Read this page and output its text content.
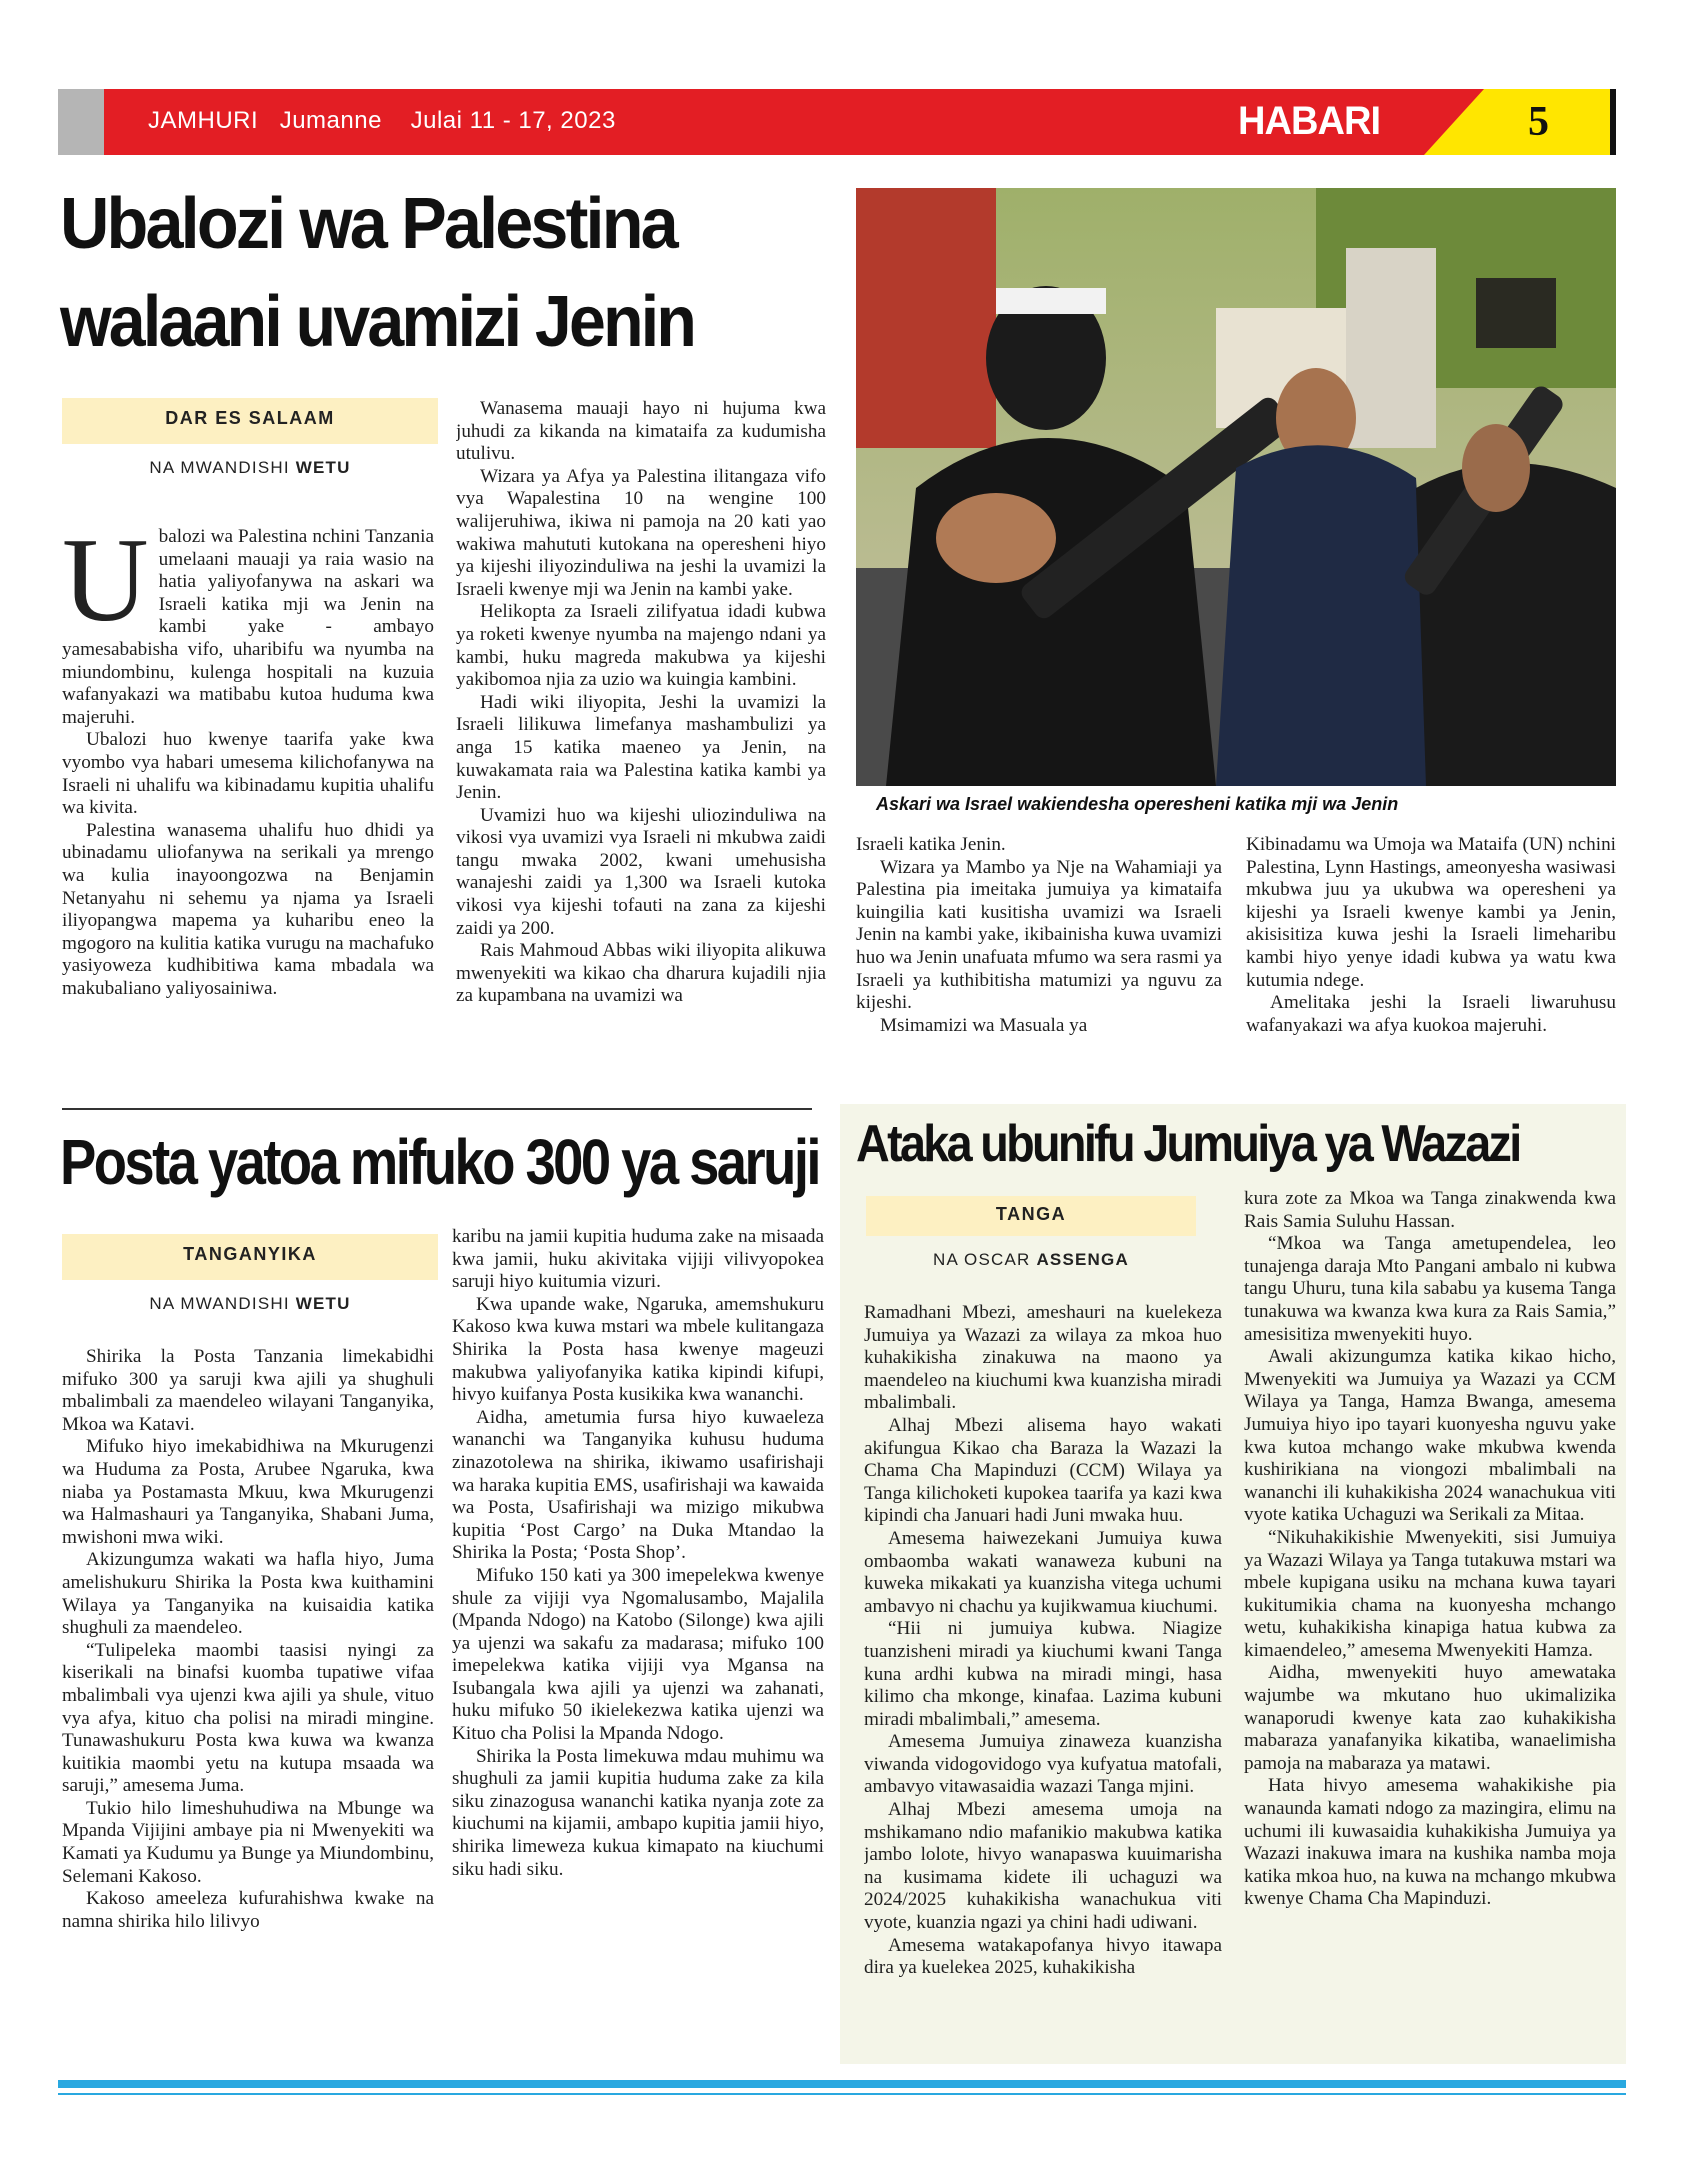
JAMHURI Jumanne Julai 11 - 17, 2023	HABARI	5
Ubalozi wa Palestina
walaani uvamizi Jenin
DAR ES SALAAM
NA MWANDISHI WETU
U balozi wa Palestina nchini Tanzania umelaani mauaji ya raia wasio na hatia yaliyofanywa na askari wa Israeli katika mji wa Jenin na kambi yake - ambayo yamesababisha vifo, uharibifu wa nyumba na miundombinu, kulenga hospitali na kuzuia wafanyakazi wa matibabu kutoa huduma kwa majeruhi.

Ubalozi huo kwenye taarifa yake kwa vyombo vya habari umesema kilichofanywa na Israeli ni uhalifu wa kibinadamu kupitia uhalifu wa kivita.

Palestina wanasema uhalifu huo dhidi ya ubinadamu uliofanywa na serikali ya mrengo wa kulia inayoongozwa na Benjamin Netanyahu ni sehemu ya njama ya Israeli iliyopangwa mapema ya kuharibu eneo la mgogoro na kulitia katika vurugu na machafuko yasiyoweza kudhibitiwa kama mbadala wa makubaliano yaliyosainiwa.

Wanasema mauaji hayo ni hujuma kwa juhudi za kikanda na kimataifa za kudumisha utulivu.

Wizara ya Afya ya Palestina ilitangaza vifo vya Wapalestina 10 na wengine 100 walijeruhiwa, ikiwa ni pamoja na 20 kati yao wakiwa mahututi kutokana na operesheni hiyo ya kijeshi iliyozinduliwa na jeshi la uvamizi la Israeli kwenye mji wa Jenin na kambi yake.

Helikopta za Israeli zilifyatua idadi kubwa ya roketi kwenye nyumba na majengo ndani ya kambi, huku magreda makubwa ya kijeshi yakibomoa njia za uzio wa kuingia kambini.

Hadi wiki iliyopita, Jeshi la uvamizi la Israeli lilikuwa limefanya mashambulizi ya anga 15 katika maeneo ya Jenin, na kuwakamata raia wa Palestina katika kambi ya Jenin.

Uvamizi huo wa kijeshi uliozinduliwa na vikosi vya uvamizi vya Israeli ni mkubwa zaidi tangu mwaka 2002, kwani umehusisha wanajeshi zaidi ya 1,300 wa Israeli kutoka vikosi vya kijeshi tofauti na zana za kijeshi zaidi ya 200.

Rais Mahmoud Abbas wiki iliyopita alikuwa mwenyekiti wa kikao cha dharura kujadili njia za kupambana na uvamizi wa

Askari wa Israel wakiendesha operesheni katika mji wa Jenin

Israeli katika Jenin.

Wizara ya Mambo ya Nje na Wahamiaji ya Palestina pia imeitaka jumuiya ya kimataifa kuingilia kati kusitisha uvamizi wa Israeli Jenin na kambi yake, ikibainisha kuwa uvamizi huo wa Jenin unafuata mfumo wa sera rasmi ya Israeli ya kuthibitisha matumizi ya nguvu za kijeshi.

Msimamizi wa Masuala ya

Kibinadamu wa Umoja wa Mataifa (UN) nchini Palestina, Lynn Hastings, ameonyesha wasiwasi mkubwa juu ya ukubwa wa operesheni ya kijeshi ya Israeli kwenye kambi ya Jenin, akisisitiza kuwa jeshi la Israeli limeharibu kambi hiyo yenye idadi kubwa ya watu kwa kutumia ndege.

Amelitaka jeshi la Israeli liwaruhusu wafanyakazi wa afya kuokoa majeruhi.

Posta yatoa mifuko 300 ya saruji
TANGANYIKA
NA MWANDISHI WETU

Shirika la Posta Tanzania limekabidhi mifuko 300 ya saruji kwa ajili ya shughuli mbalimbali za maendeleo wilayani Tanganyika, Mkoa wa Katavi.

Mifuko hiyo imekabidhiwa na Mkurugenzi wa Huduma za Posta, Arubee Ngaruka, kwa niaba ya Postamasta Mkuu, kwa Mkurugenzi wa Halmashauri ya Tanganyika, Shabani Juma, mwishoni mwa wiki.

Akizungumza wakati wa hafla hiyo, Juma amelishukuru Shirika la Posta kwa kuithamini Wilaya ya Tanganyika na kuisaidia katika shughuli za maendeleo.

“Tulipeleka maombi taasisi nyingi za kiserikali na binafsi kuomba tupatiwe vifaa mbalimbali vya ujenzi kwa ajili ya shule, vituo vya afya, kituo cha polisi na miradi mingine. Tunawashukuru Posta kwa kuwa wa kwanza kuitikia maombi yetu na kutupa msaada wa saruji,” amesema Juma.

Tukio hilo limeshuhudiwa na Mbunge wa Mpanda Vijijini ambaye pia ni Mwenyekiti wa Kamati ya Kudumu ya Bunge ya Miundombinu, Selemani Kakoso.

Kakoso ameeleza kufurahishwa kwake na namna shirika hilo lilivyo

karibu na jamii kupitia huduma zake na misaada kwa jamii, huku akivitaka vijiji vilivyopokea saruji hiyo kuitumia vizuri.

Kwa upande wake, Ngaruka, amemshukuru Kakoso kwa kuwa mstari wa mbele kulitangaza Shirika la Posta hasa kwenye mageuzi makubwa yaliyofanyika katika kipindi kifupi, hivyo kuifanya Posta kusikika kwa wananchi.

Aidha, ametumia fursa hiyo kuwaeleza wananchi wa Tanganyika kuhusu huduma zinazotolewa na shirika, ikiwamo usafirishaji wa haraka kupitia EMS, usafirishaji wa kawaida wa Posta, Usafirishaji wa mizigo mikubwa kupitia ‘Post Cargo’ na Duka Mtandao la Shirika la Posta; ‘Posta Shop’.

Mifuko 150 kati ya 300 imepelekwa kwenye shule za vijiji vya Ngomalusambo, Majalila (Mpanda Ndogo) na Katobo (Silonge) kwa ajili ya ujenzi wa sakafu za madarasa; mifuko 100 imepelekwa katika vijiji vya Mgansa na Isubangala kwa ajili ya ujenzi wa zahanati, huku mifuko 50 ikielekezwa katika ujenzi wa Kituo cha Polisi la Mpanda Ndogo.

Shirika la Posta limekuwa mdau muhimu wa shughuli za jamii kupitia huduma zake za kila siku zinazogusa wananchi katika nyanja zote za kiuchumi na kijamii, ambapo kupitia jamii hiyo, shirika limeweza kukua kimapato na kiuchumi siku hadi siku.

Ataka ubunifu Jumuiya ya Wazazi
TANGA
NA OSCAR ASSENGA

Ramadhani Mbezi, ameshauri na kuelekeza Jumuiya ya Wazazi za wilaya za mkoa huo kuhakikisha zinakuwa na maono ya maendeleo na kiuchumi kwa kuanzisha miradi mbalimbali.

Alhaj Mbezi alisema hayo wakati akifungua Kikao cha Baraza la Wazazi la Chama Cha Mapinduzi (CCM) Wilaya ya Tanga kilichoketi kupokea taarifa ya kazi kwa kipindi cha Januari hadi Juni mwaka huu.

Amesema haiwezekani Jumuiya kuwa ombaomba wakati wanaweza kubuni na kuweka mikakati ya kuanzisha vitega uchumi ambavyo ni chachu ya kujikwamua kiuchumi.

“Hii ni jumuiya kubwa. Niagize tuanzisheni miradi ya kiuchumi kwani Tanga kuna ardhi kubwa na miradi mingi, hasa kilimo cha mkonge, kinafaa. Lazima kubuni miradi mbalimbali,” amesema.

Amesema Jumuiya zinaweza kuanzisha viwanda vidogovidogo vya kufyatua matofali, ambavyo vitawasaidia wazazi Tanga mjini.

Alhaj Mbezi amesema umoja na mshikamano ndio mafanikio makubwa katika jambo lolote, hivyo wanapaswa kuuimarisha na kusimama kidete ili uchaguzi wa 2024/2025 kuhakikisha wanachukua viti vyote, kuanzia ngazi ya chini hadi udiwani.

Amesema watakapofanya hivyo itawapa dira ya kuelekea 2025, kuhakikisha

kura zote za Mkoa wa Tanga zinakwenda kwa Rais Samia Suluhu Hassan.

“Mkoa wa Tanga ametupendelea, leo tunajenga daraja Mto Pangani ambalo ni kubwa tangu Uhuru, tuna kila sababu ya kusema Tanga tunakuwa wa kwanza kwa kura za Rais Samia,” amesisitiza mwenyekiti huyo.

Awali akizungumza katika kikao hicho, Mwenyekiti wa Jumuiya ya Wazazi ya CCM Wilaya ya Tanga, Hamza Bwanga, amesema Jumuiya hiyo ipo tayari kuonyesha nguvu yake kwa kutoa mchango wake mkubwa kwenda kushirikiana na viongozi mbalimbali na wananchi ili kuhakikisha 2024 wanachukua viti vyote katika Uchaguzi wa Serikali za Mitaa.

“Nikuhakikishie Mwenyekiti, sisi Jumuiya ya Wazazi Wilaya ya Tanga tutakuwa mstari wa mbele kupigana usiku na mchana kuwa tayari kukitumikia chama na kuonyesha mchango wetu, kuhakikisha kinapiga hatua kubwa za kimaendeleo,” amesema Mwenyekiti Hamza.

Aidha, mwenyekiti huyo amewataka wajumbe wa mkutano huo ukimalizika wanaporudi kwenye kata zao kuhakikisha mabaraza yanafanyika kikatiba, wanaelimisha pamoja na mabaraza ya matawi.

Hata hivyo amesema wahakikishe pia wanaunda kamati ndogo za mazingira, elimu na uchumi ili kuwasaidia kuhakikisha Jumuiya ya Wazazi inakuwa imara na kushika namba moja katika mkoa huo, na kuwa na mchango mkubwa kwenye Chama Cha Mapinduzi.
